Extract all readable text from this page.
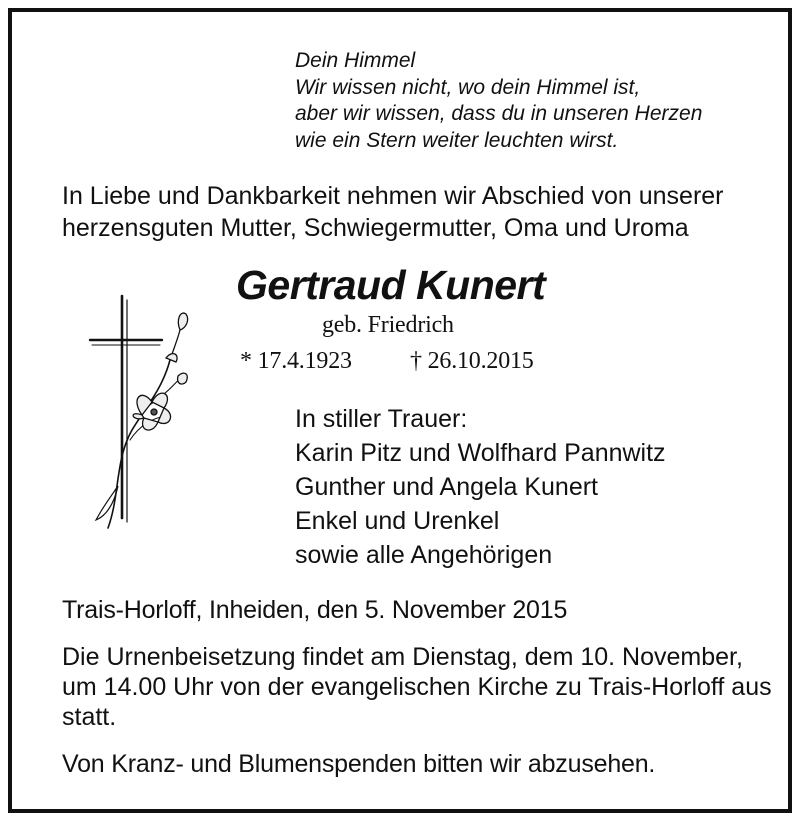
Dein Himmel
Wir wissen nicht, wo dein Himmel ist,
aber wir wissen, dass du in unseren Herzen
wie ein Stern weiter leuchten wirst.
In Liebe und Dankbarkeit nehmen wir Abschied von unserer
herzensguten Mutter, Schwiegermutter, Oma und Uroma
Gertraud Kunert
geb. Friedrich
* 17.4.1923 † 26.10.2015
In stiller Trauer:
Karin Pitz und Wolfhard Pannwitz
Gunther und Angela Kunert
Enkel und Urenkel
sowie alle Angehörigen
Trais-Horloff, Inheiden, den 5. November 2015
Die Urnenbeisetzung findet am Dienstag, dem 10. November,
um 14.00 Uhr von der evangelischen Kirche zu Trais-Horloff aus
statt.
Von Kranz- und Blumenspenden bitten wir abzusehen.
